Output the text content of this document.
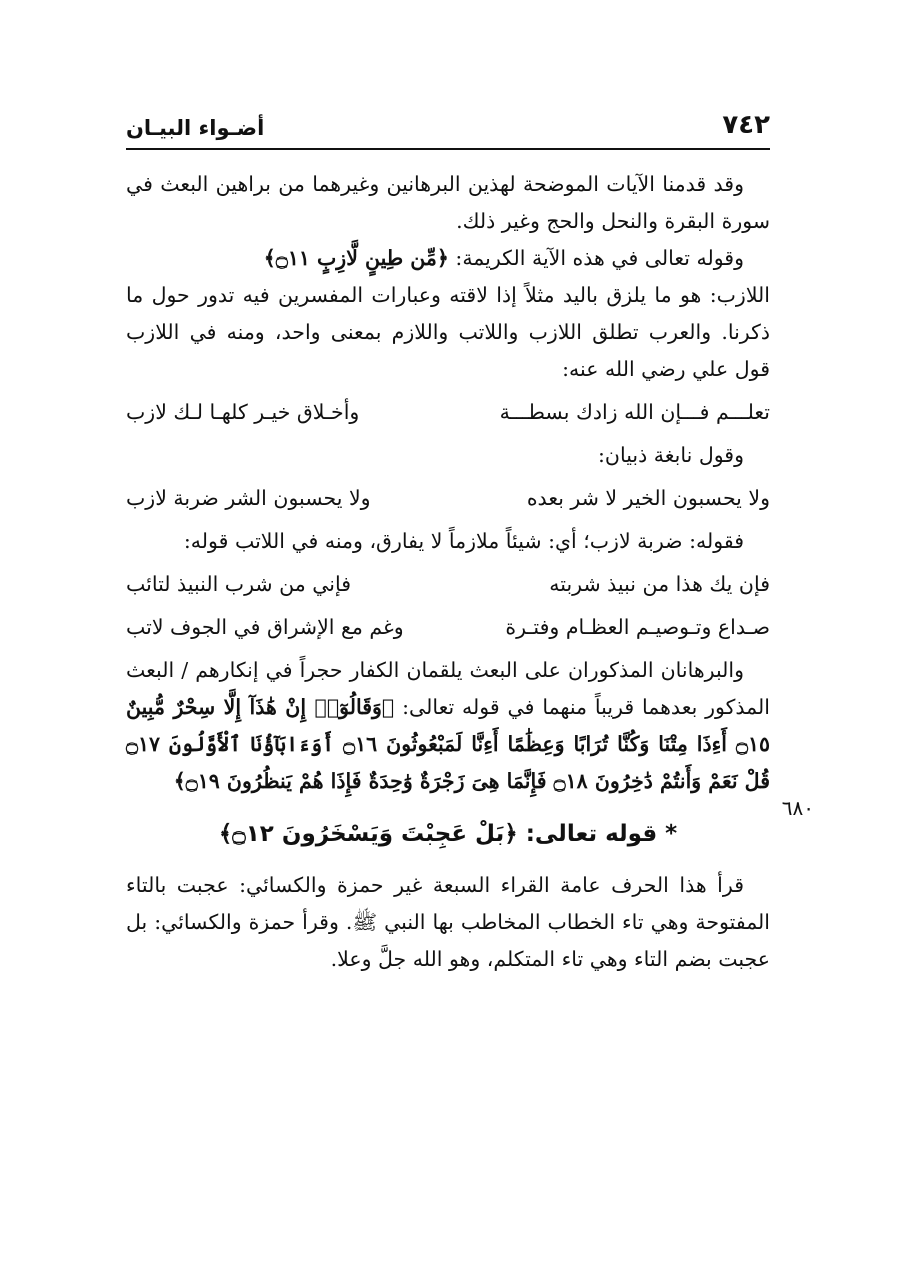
٧٤٢
أضـواء البيـان
٦٨٠

وقد قدمنا الآيات الموضحة لهذين البرهانين وغيرهما من براهين البعث في سورة البقرة والنحل والحج وغير ذلك.

وقوله تعالى في هذه الآية الكريمة: ﴿مِّن طِينٍ لَّازِبٍ ۝١١﴾

اللازب: هو ما يلزق باليد مثلاً إذا لاقته وعبارات المفسرين فيه تدور حول ما ذكرنا. والعرب تطلق اللازب واللاتب واللازم بمعنى واحد، ومنه في اللازب قول علي رضي الله عنه:

تعلـــم فـــإن الله زادك بسطـــة
وأخـلاق خيـر كلهـا لـك لازب

وقول نابغة ذبيان:

ولا يحسبون الخير لا شر بعده
ولا يحسبون الشر ضربة لازب

فقوله: ضربة لازب؛ أي: شيئاً ملازماً لا يفارق، ومنه في اللاتب قوله:

فإن يك هذا من نبيذ شربته
فإني من شرب النبيذ لتائب
صـداع وتـوصيـم العظـام وفتـرة
وغم مع الإشراق في الجوف لاتب

والبرهانان المذكوران على البعث يلقمان الكفار حجراً في إنكارهم / البعث المذكور بعدهما قريباً منهما في قوله تعالى: ﴿وَقَالُوٓا۟ إِنْ هَٰذَآ إِلَّا سِحْرٌ مُّبِينٌ ۝١٥ أَءِذَا مِتْنَا وَكُنَّا تُرَابًا وَعِظَٰمًا أَءِنَّا لَمَبْعُوثُونَ ۝١٦ أَوَءَابَآؤُنَا ٱلْأَوَّلُونَ ۝١٧ قُلْ نَعَمْ وَأَنتُمْ دَٰخِرُونَ ۝١٨ فَإِنَّمَا هِىَ زَجْرَةٌ وَٰحِدَةٌ فَإِذَا هُمْ يَنظُرُونَ ۝١٩﴾

* قوله تعالى: ﴿بَلْ عَجِبْتَ وَيَسْخَرُونَ ۝١٢﴾

قرأ هذا الحرف عامة القراء السبعة غير حمزة والكسائي: عجبت بالتاء المفتوحة وهي تاء الخطاب المخاطب بها النبي ﷺ. وقرأ حمزة والكسائي: بل عجبت بضم التاء وهي تاء المتكلم، وهو الله جلَّ وعلا.
